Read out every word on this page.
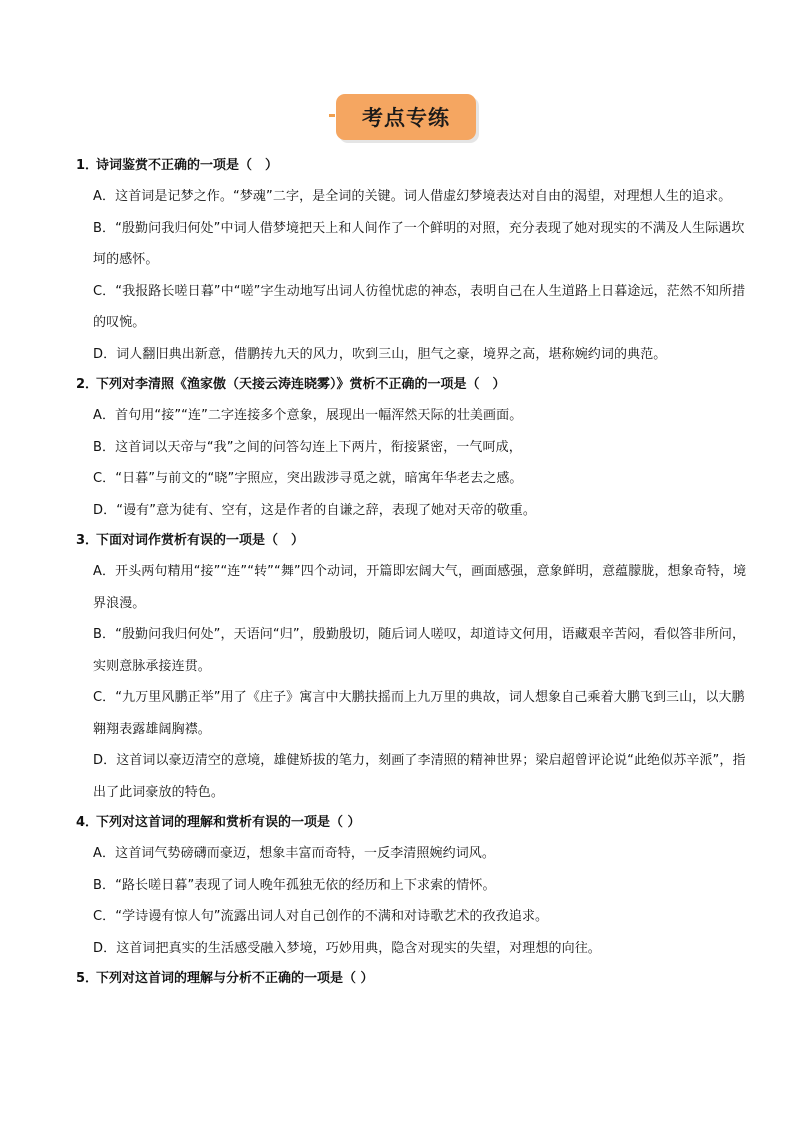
考点专练
1．诗词鉴赏不正确的一项是（　）
A．这首词是记梦之作。“梦魂”二字，是全词的关键。词人借虚幻梦境表达对自由的渴望，对理想人生的追求。
B．“殷勤问我归何处”中词人借梦境把天上和人间作了一个鲜明的对照，充分表现了她对现实的不满及人生际遇坎坷的感怀。
C．“我报路长嗟日暮”中“嗟”字生动地写出词人彷徨忧虑的神态，表明自己在人生道路上日暮途远，茫然不知所措的叹惋。
D．词人翻旧典出新意，借鹏抟九天的风力，吹到三山，胆气之豪，境界之高，堪称婉约词的典范。
2．下列对李清照《渔家傲（天接云涛连晓雾）》赏析不正确的一项是（　）
A．首句用“接”“连”二字连接多个意象，展现出一幅浑然天际的壮美画面。
B．这首词以天帝与“我”之间的问答勾连上下两片，衔接紧密，一气呵成，
C．“日暮”与前文的“晓”字照应，突出跋涉寻觅之就，暗寓年华老去之感。
D．“谩有”意为徒有、空有，这是作者的自谦之辞，表现了她对天帝的敬重。
3．下面对词作赏析有误的一项是（　）
A．开头两句精用“接”“连”“转”“舞”四个动词，开篇即宏阔大气，画面感强，意象鲜明，意蕴朦胧，想象奇特，境界浪漫。
B．“殷勤问我归何处”，天语问“归”，殷勤殷切，随后词人嗟叹，却道诗文何用，语藏艰辛苦闷，看似答非所问，实则意脉承接连贯。
C．“九万里风鹏正举”用了《庄子》寓言中大鹏扶摇而上九万里的典故，词人想象自己乘着大鹏飞到三山，以大鹏翱翔表露雄阔胸襟。
D．这首词以豪迈清空的意境，雄健矫拔的笔力，刻画了李清照的精神世界；梁启超曾评论说“此绝似苏辛派”，指出了此词豪放的特色。
4．下列对这首词的理解和赏析有误的一项是（ ）
A．这首词气势磅礴而豪迈，想象丰富而奇特，一反李清照婉约词风。
B．“路长嗟日暮”表现了词人晚年孤独无依的经历和上下求索的情怀。
C．“学诗谩有惊人句”流露出词人对自己创作的不满和对诗歌艺术的孜孜追求。
D．这首词把真实的生活感受融入梦境，巧妙用典，隐含对现实的失望，对理想的向往。
5．下列对这首词的理解与分析不正确的一项是（ ）
